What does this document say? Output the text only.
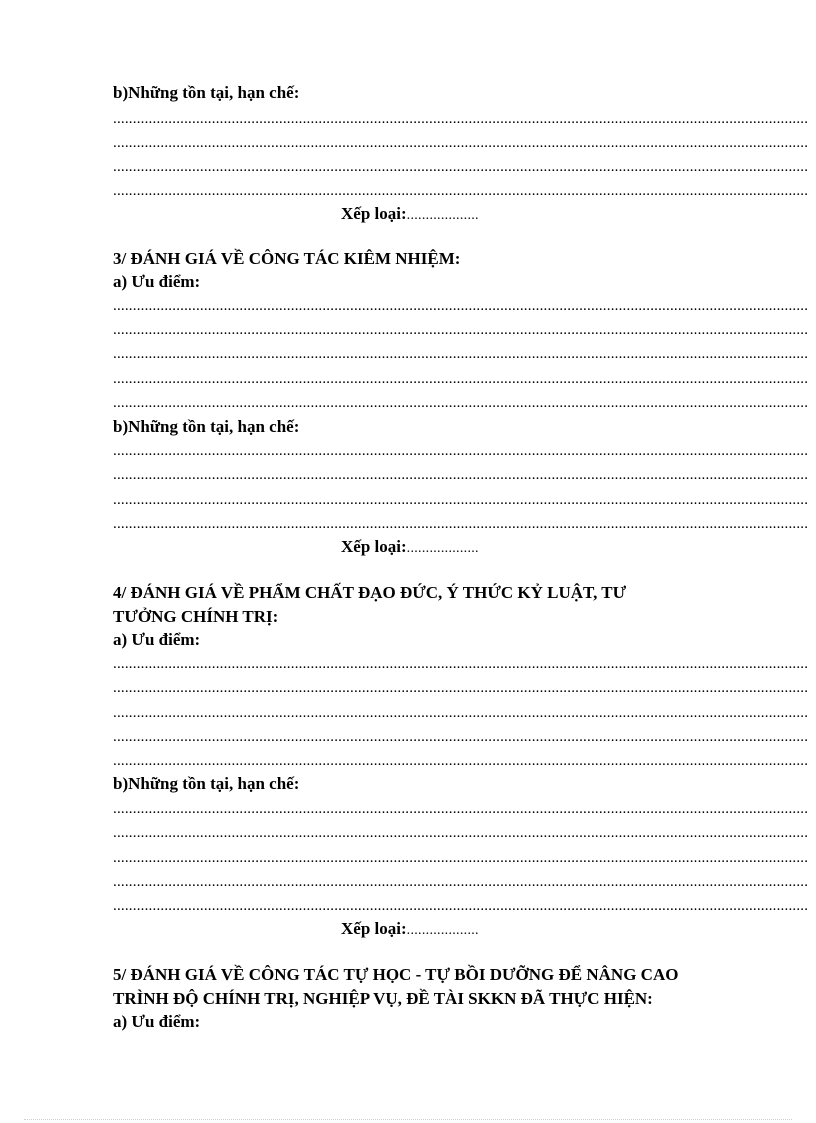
b)Những tồn tại, hạn chế:
................................................................................................................................................................................
................................................................................................................................................................................
................................................................................................................................................................................
................................................................................................................................................................................
Xếp loại:...................
3/ ĐÁNH GIÁ VỀ CÔNG TÁC KIÊM NHIỆM:
a) Ưu điểm:
................................................................................................................................................................................
................................................................................................................................................................................
................................................................................................................................................................................
................................................................................................................................................................................
................................................................................................................................................................................
b)Những tồn tại, hạn chế:
................................................................................................................................................................................
................................................................................................................................................................................
................................................................................................................................................................................
................................................................................................................................................................................
Xếp loại:...................
4/ ĐÁNH GIÁ VỀ PHẨM CHẤT ĐẠO ĐỨC, Ý THỨC KỶ LUẬT, TƯ
TƯỞNG CHÍNH TRỊ:
a) Ưu điểm:
................................................................................................................................................................................
................................................................................................................................................................................
................................................................................................................................................................................
................................................................................................................................................................................
................................................................................................................................................................................
b)Những tồn tại, hạn chế:
................................................................................................................................................................................
................................................................................................................................................................................
................................................................................................................................................................................
................................................................................................................................................................................
................................................................................................................................................................................
Xếp loại:...................
5/ ĐÁNH GIÁ VỀ CÔNG TÁC TỰ HỌC - TỰ BỒI DƯỠNG ĐỂ NÂNG CAO
TRÌNH ĐỘ CHÍNH TRỊ, NGHIỆP VỤ, ĐỀ TÀI SKKN ĐÃ THỰC HIỆN:
a) Ưu điểm:
